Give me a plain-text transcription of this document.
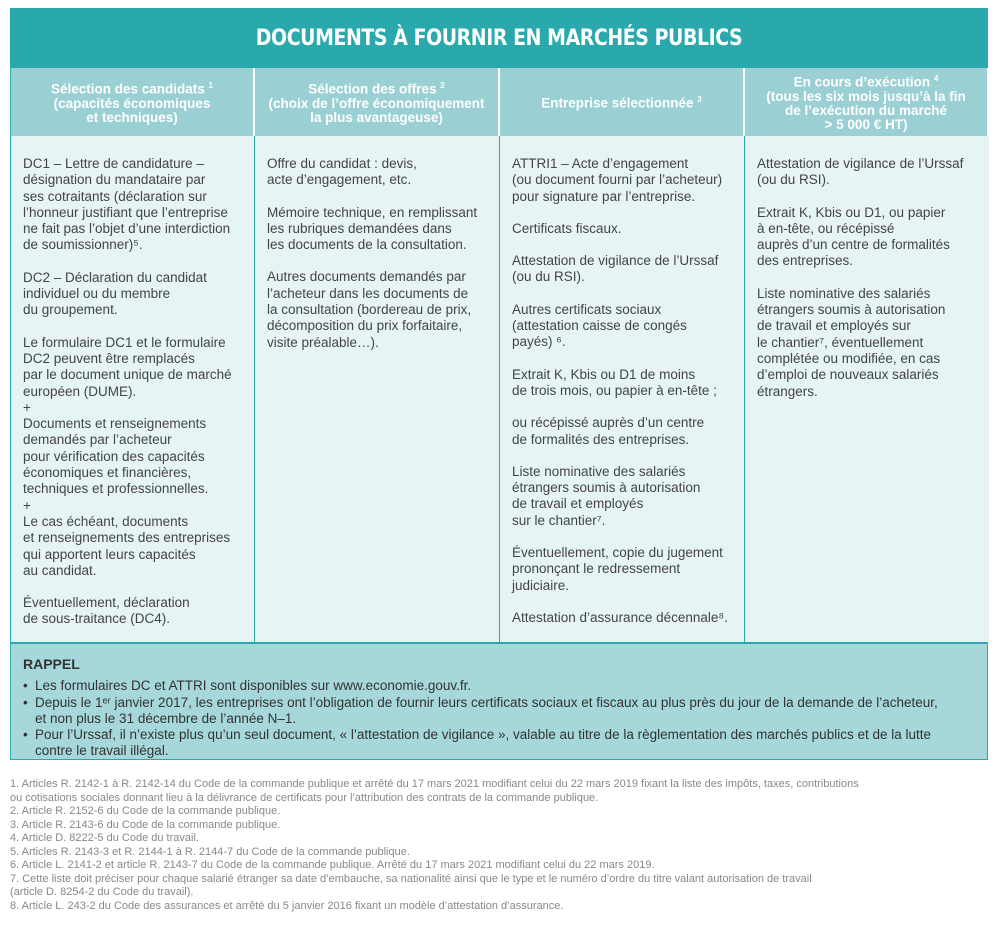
DOCUMENTS À FOURNIR EN MARCHÉS PUBLICS
Sélection des candidats $^1$
(capacités économiques
et techniques)
Sélection des offres $^2$
(choix de l’offre économiquement
la plus avantageuse)
Entreprise sélectionnée $^3$
En cours d’exécution $^4$
(tous les six mois jusqu’à la fin
de l’exécution du marché
> 5 000 € HT)

DC1 – Lettre de candidature –
désignation du mandataire par
ses cotraitants (déclaration sur
l’honneur justifiant que l’entreprise
ne fait pas l’objet d’une interdiction
de soumissionner)⁵.

DC2 – Déclaration du candidat
individuel ou du membre
du groupement.

Le formulaire DC1 et le formulaire
DC2 peuvent être remplacés
par le document unique de marché
européen (DUME).
+
Documents et renseignements
demandés par l’acheteur
pour vérification des capacités
économiques et financières,
techniques et professionnelles.
+
Le cas échéant, documents
et renseignements des entreprises
qui apportent leurs capacités
au candidat.

Éventuellement, déclaration
de sous-traitance (DC4).

Offre du candidat : devis,
acte d’engagement, etc.

Mémoire technique, en remplissant
les rubriques demandées dans
les documents de la consultation.

Autres documents demandés par
l’acheteur dans les documents de
la consultation (bordereau de prix,
décomposition du prix forfaitaire,
visite préalable…).

ATTRI1 – Acte d’engagement
(ou document fourni par l’acheteur)
pour signature par l’entreprise.

Certificats fiscaux.

Attestation de vigilance de l’Urssaf
(ou du RSI).

Autres certificats sociaux
(attestation caisse de congés
payés) ⁶.

Extrait K, Kbis ou D1 de moins
de trois mois, ou papier à en-tête ;

ou récépissé auprès d’un centre
de formalités des entreprises.

Liste nominative des salariés
étrangers soumis à autorisation
de travail et employés
sur le chantier⁷.

Éventuellement, copie du jugement
prononçant le redressement
judiciaire.

Attestation d’assurance décennale⁸.

Attestation de vigilance de l’Urssaf
(ou du RSI).

Extrait K, Kbis ou D1, ou papier
à en-tête, ou récépissé
auprès d’un centre de formalités
des entreprises.

Liste nominative des salariés
étrangers soumis à autorisation
de travail et employés sur
le chantier⁷, éventuellement
complétée ou modifiée, en cas
d’emploi de nouveaux salariés
étrangers.

RAPPEL
• Les formulaires DC et ATTRI sont disponibles sur www.economie.gouv.fr.
• Depuis le 1ᵉʳ janvier 2017, les entreprises ont l’obligation de fournir leurs certificats sociaux et fiscaux au plus près du jour de la demande de l’acheteur,
et non plus le 31 décembre de l’année N–1.
• Pour l’Urssaf, il n’existe plus qu’un seul document, « l’attestation de vigilance », valable au titre de la règlementation des marchés publics et de la lutte
contre le travail illégal.
1. Articles R. 2142-1 à R. 2142-14 du Code de la commande publique et arrêté du 17 mars 2021 modifiant celui du 22 mars 2019 fixant la liste des impôts, taxes, contributions
ou cotisations sociales donnant lieu à la délivrance de certificats pour l’attribution des contrats de la commande publique.
2. Article R. 2152-6 du Code de la commande publique.
3. Article R. 2143-6 du Code de la commande publique.
4. Article D. 8222-5 du Code du travail.
5. Articles R. 2143-3 et R. 2144-1 à R. 2144-7 du Code de la commande publique.
6. Article L. 2141-2 et article R. 2143-7 du Code de la commande publique. Arrêté du 17 mars 2021 modifiant celui du 22 mars 2019.
7. Cette liste doit préciser pour chaque salarié étranger sa date d’embauche, sa nationalité ainsi que le type et le numéro d’ordre du titre valant autorisation de travail
(article D. 8254-2 du Code du travail).
8. Article L. 243-2 du Code des assurances et arrêté du 5 janvier 2016 fixant un modèle d’attestation d’assurance.
